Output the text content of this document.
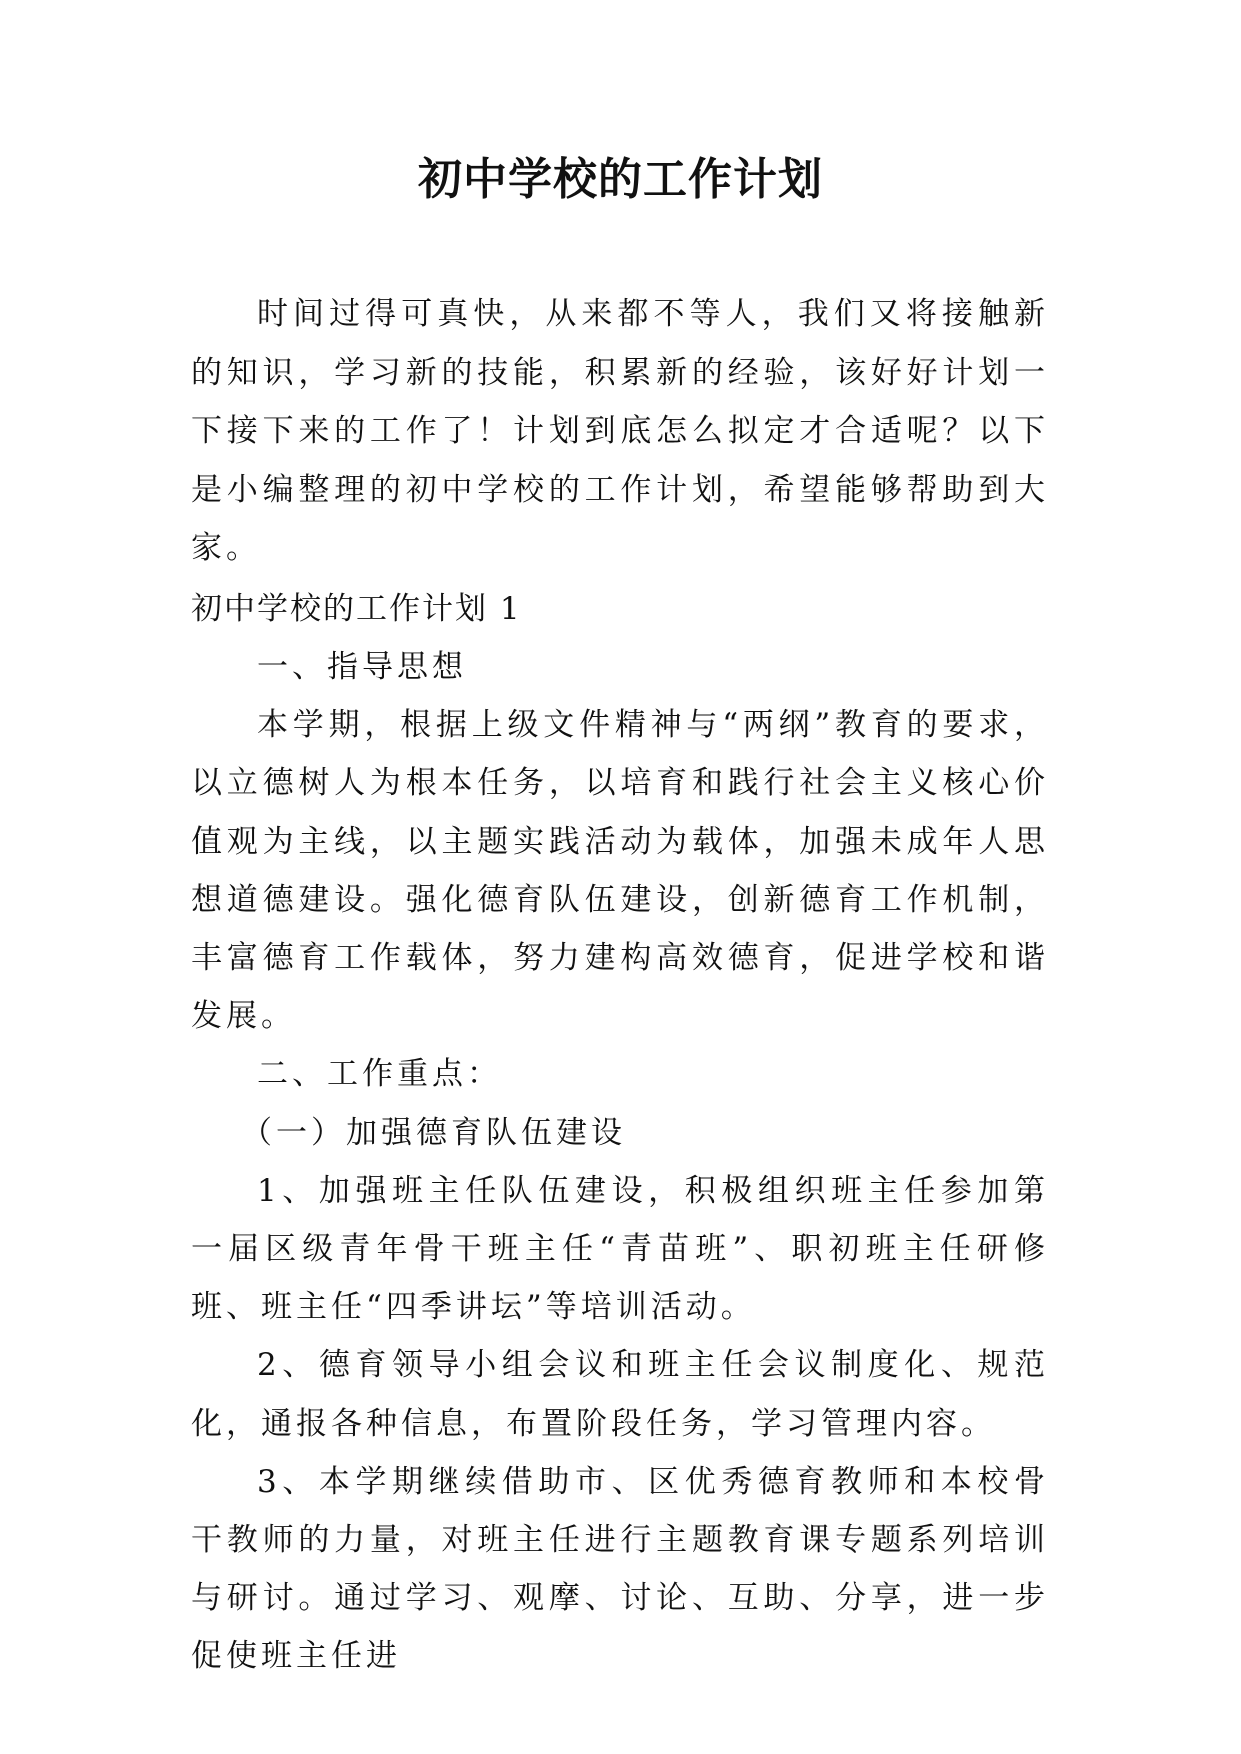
初中学校的工作计划

时间过得可真快，从来都不等人，我们又将接触新的知识，学习新的技能，积累新的经验，该好好计划一下接下来的工作了！计划到底怎么拟定才合适呢？以下是小编整理的初中学校的工作计划，希望能够帮助到大家。

初中学校的工作计划 1

一、指导思想

本学期，根据上级文件精神与“两纲”教育的要求，以立德树人为根本任务，以培育和践行社会主义核心价值观为主线，以主题实践活动为载体，加强未成年人思想道德建设。强化德育队伍建设，创新德育工作机制，丰富德育工作载体，努力建构高效德育，促进学校和谐发展。

二、工作重点：

（一）加强德育队伍建设

1、加强班主任队伍建设，积极组织班主任参加第一届区级青年骨干班主任“青苗班”、职初班主任研修班、班主任“四季讲坛”等培训活动。

2、德育领导小组会议和班主任会议制度化、规范化，通报各种信息，布置阶段任务，学习管理内容。

3、本学期继续借助市、区优秀德育教师和本校骨干教师的力量，对班主任进行主题教育课专题系列培训与研讨。通过学习、观摩、讨论、互助、分享，进一步促使班主任进
